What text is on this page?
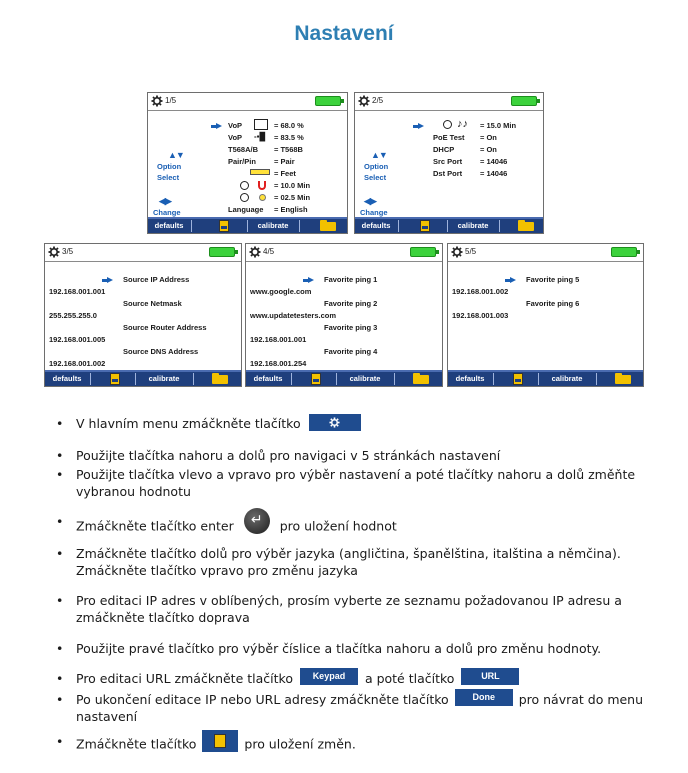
Nastavení
1/5
▲▼
Option
Select
◀▶
Change
VoP	= 68.0 %
VoP -▪█ = 83.5 %
T568A/B = T568B
Pair/Pin = Pair
= Feet
= 10.0 Min
= 02.5 Min
Language = English
defaults	calibrate
2/5
▲▼
Option
Select
◀▶
Change
♪♪ = 15.0 Min
PoE Test = On
DHCP	= On
Src Port = 14046
Dst Port = 14046
defaults	calibrate
3/5
Source IP Address
192.168.001.001
Source Netmask
255.255.255.0
Source Router Address
192.168.001.005
Source DNS Address
192.168.001.002
defaults	calibrate
4/5
Favorite ping 1
www.google.com
Favorite ping 2
www.updatetesters.com
Favorite ping 3
192.168.001.001
Favorite ping 4
192.168.001.254
defaults	calibrate
5/5
Favorite ping 5
192.168.001.002
Favorite ping 6
192.168.001.003
defaults	calibrate
• V hlavním menu zmáčkněte tlačítko
• Použijte tlačítka nahoru a dolů pro navigaci v 5 stránkách nastavení
• Použijte tlačítka vlevo a vpravo pro výběr nastavení a poté tlačítky nahoru a dolů změňte vybranou hodnotu
• Zmáčkněte tlačítko enter ↵	pro uložení hodnot
• Zmáčkněte tlačítko dolů pro výběr jazyka (angličtina, španělština, italština a němčina). Zmáčkněte tlačítko vpravo pro změnu jazyka
• Pro editaci IP adres v oblíbených, prosím vyberte ze seznamu požadovanou IP adresu a zmáčkněte tlačítko doprava
• Použijte pravé tlačítko pro výběr číslice a tlačítka nahoru a dolů pro změnu hodnoty.
• Pro editaci URL zmáčkněte tlačítko Keypad a poté tlačítko	URL
• Po ukončení editace IP nebo URL adresy zmáčkněte tlačítko	Done pro návrat do menu nastavení
• Zmáčkněte tlačítko	pro uložení změn.
